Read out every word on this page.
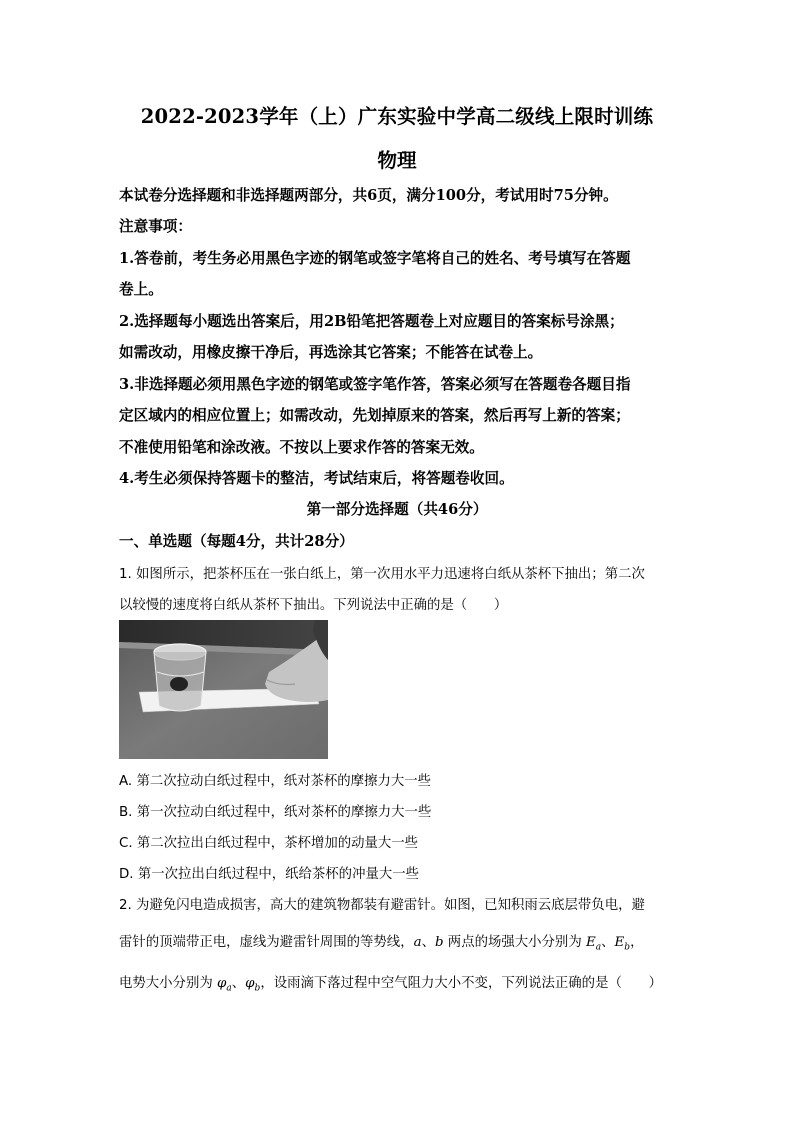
2022-2023学年（上）广东实验中学高二级线上限时训练
物理
本试卷分选择题和非选择题两部分，共6页，满分100分，考试用时75分钟。
注意事项：
1.答卷前，考生务必用黑色字迹的钢笔或签字笔将自己的姓名、考号填写在答题
卷上。
2.选择题每小题选出答案后，用2B铅笔把答题卷上对应题目的答案标号涂黑；
如需改动，用橡皮擦干净后，再选涂其它答案；不能答在试卷上。
3.非选择题必须用黑色字迹的钢笔或签字笔作答，答案必须写在答题卷各题目指
定区域内的相应位置上；如需改动，先划掉原来的答案，然后再写上新的答案；
不准使用铅笔和涂改液。不按以上要求作答的答案无效。
4.考生必须保持答题卡的整洁，考试结束后，将答题卷收回。
第一部分选择题（共46分）
一、单选题（每题4分，共计28分）
1. 如图所示，把茶杯压在一张白纸上，第一次用水平力迅速将白纸从茶杯下抽出；第二次
以较慢的速度将白纸从茶杯下抽出。下列说法中正确的是（　　）
A. 第二次拉动白纸过程中，纸对茶杯的摩擦力大一些
B. 第一次拉动白纸过程中，纸对茶杯的摩擦力大一些
C. 第二次拉出白纸过程中，茶杯增加的动量大一些
D. 第一次拉出白纸过程中，纸给茶杯的冲量大一些
2. 为避免闪电造成损害，高大的建筑物都装有避雷针。如图，已知积雨云底层带负电，避
雷针的顶端带正电，虚线为避雷针周围的等势线，a、b 两点的场强大小分别为 $E_a$、$E_b$，
电势大小分别为 $\varphi_a$、$\varphi_b$，设雨滴下落过程中空气阻力大小不变，下列说法正确的是（　　）
